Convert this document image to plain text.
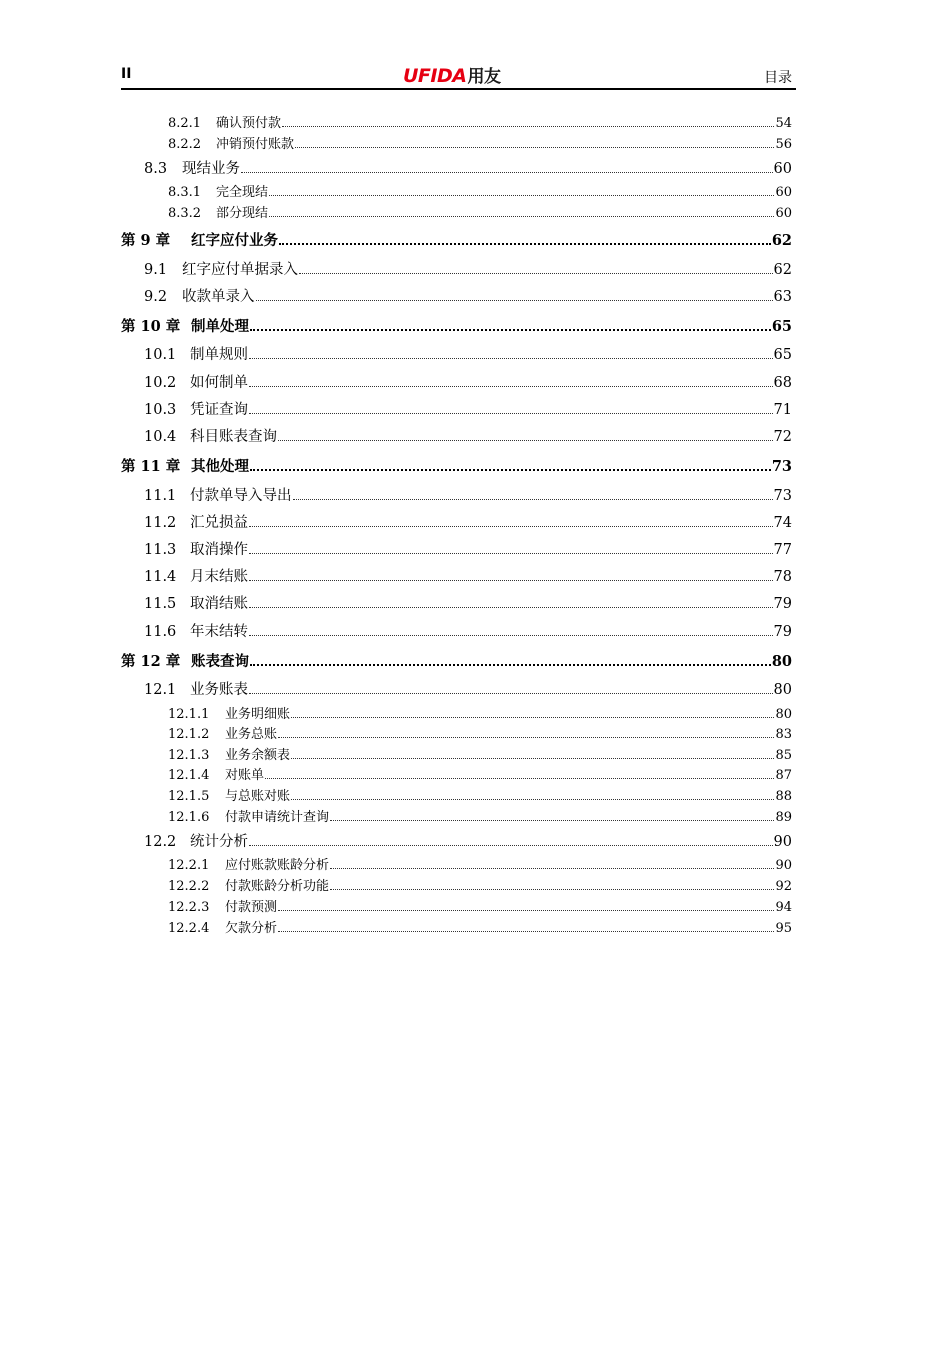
II	UFIDA用友	目录
8.2.1	确认预付款	54
8.2.2	冲销预付账款	56
8.3	现结业务	60
8.3.1	完全现结	60
8.3.2	部分现结	60
第 9 章	红字应付业务	62
9.1	红字应付单据录入	62
9.2	收款单录入	63
第 10 章 制单处理	65
10.1 制单规则	65
10.2 如何制单	68
10.3 凭证查询	71
10.4 科目账表查询	72
第 11 章 其他处理	73
11.1 付款单导入导出	73
11.2 汇兑损益	74
11.3 取消操作	77
11.4 月末结账	78
11.5 取消结账	79
11.6 年末结转	79
第 12 章 账表查询	80
12.1 业务账表	80
12.1.1	业务明细账	80
12.1.2	业务总账	83
12.1.3	业务余额表	85
12.1.4	对账单	87
12.1.5	与总账对账	88
12.1.6	付款申请统计查询	89
12.2 统计分析	90
12.2.1	应付账款账龄分析	90
12.2.2	付款账龄分析功能	92
12.2.3	付款预测	94
12.2.4	欠款分析	95
